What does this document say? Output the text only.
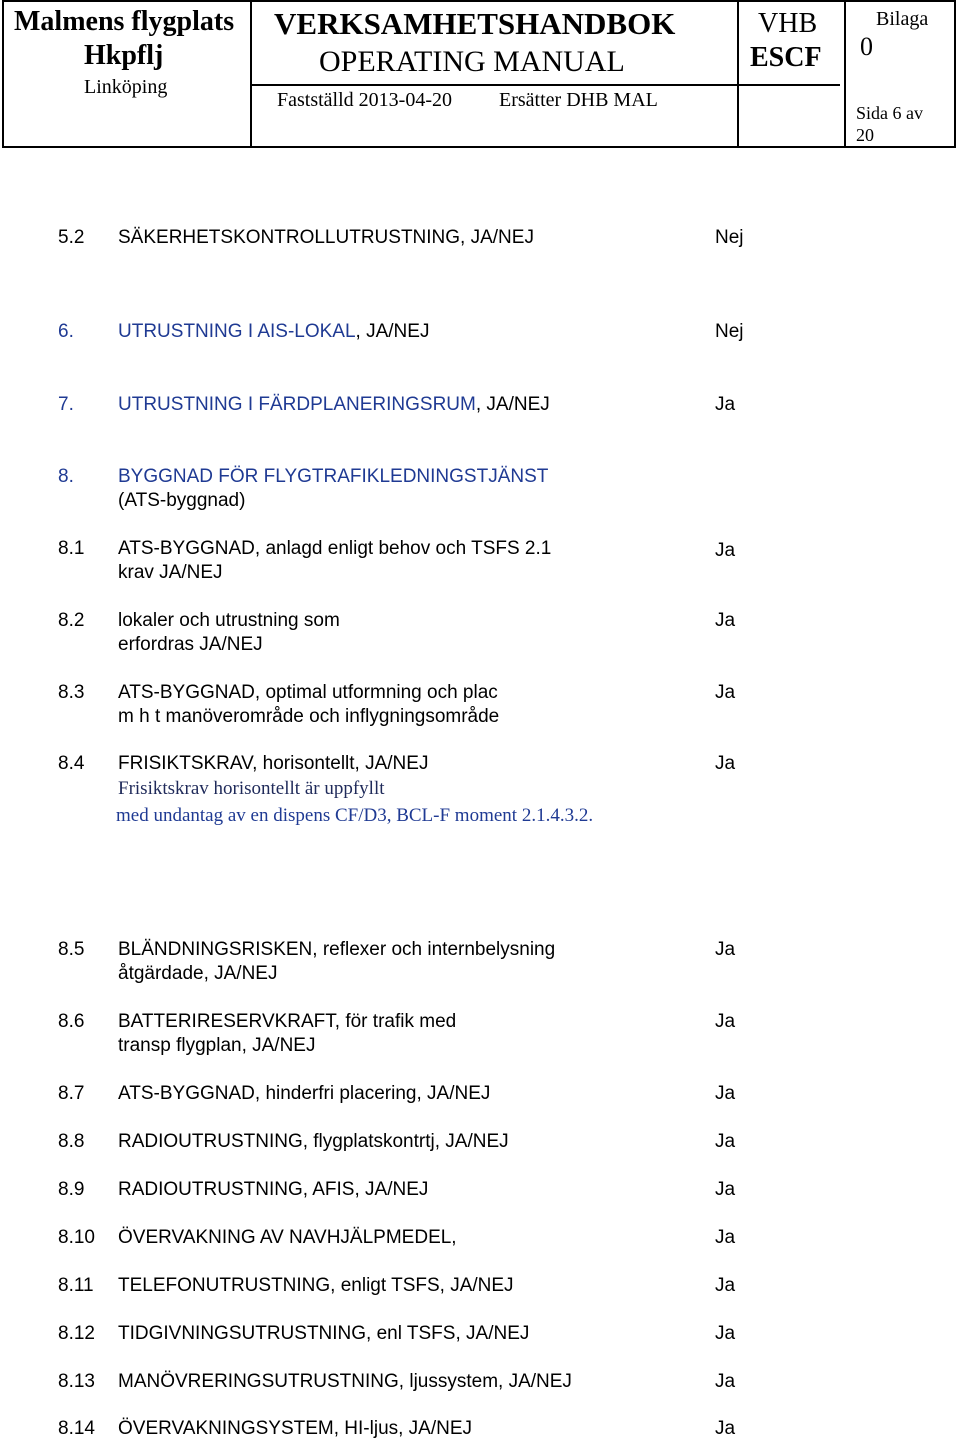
Malmens flygplats
Hkpflj
Linköping
VERKSAMHETSHANDBOK
OPERATING MANUAL
VHB
ESCF
Bilaga
0
Fastställd 2013-04-20 Ersätter DHB MAL
Sida 6 av
20
5.2 SÄKERHETSKONTROLLUTRUSTNING, JA/NEJ	Nej
6. UTRUSTNING I AIS-LOKAL, JA/NEJ	Nej
7. UTRUSTNING I FÄRDPLANERINGSRUM, JA/NEJ	Ja
8. BYGGNAD FÖR FLYGTRAFIKLEDNINGSTJÄNST
(ATS-byggnad)
8.1 ATS-BYGGNAD, anlagd enligt behov och TSFS 2.1
krav JA/NEJ
Ja
8.2 lokaler och utrustning som
erfordras JA/NEJ
Ja
8.3 ATS-BYGGNAD, optimal utformning och plac
m h t manöverområde och inflygningsområde
Ja
8.4 FRISIKTSKRAV, horisontellt, JA/NEJ
Frisiktskrav horisontellt är uppfyllt
med undantag av en dispens CF/D3, BCL-F moment 2.1.4.3.2.
Ja
8.5 BLÄNDNINGSRISKEN, reflexer och internbelysning
åtgärdade, JA/NEJ
Ja
8.6 BATTERIRESERVKRAFT, för trafik med
transp flygplan, JA/NEJ
Ja
8.7 ATS-BYGGNAD, hinderfri placering, JA/NEJ	Ja
8.8 RADIOUTRUSTNING, flygplatskontrtj, JA/NEJ	Ja
8.9 RADIOUTRUSTNING, AFIS, JA/NEJ	Ja
8.10 ÖVERVAKNING AV NAVHJÄLPMEDEL,	Ja
8.11 TELEFONUTRUSTNING, enligt TSFS, JA/NEJ	Ja
8.12 TIDGIVNINGSUTRUSTNING, enl TSFS, JA/NEJ	Ja
8.13 MANÖVRERINGSUTRUSTNING, ljussystem, JA/NEJ	Ja
8.14 ÖVERVAKNINGSYSTEM, HI-ljus, JA/NEJ	Ja
